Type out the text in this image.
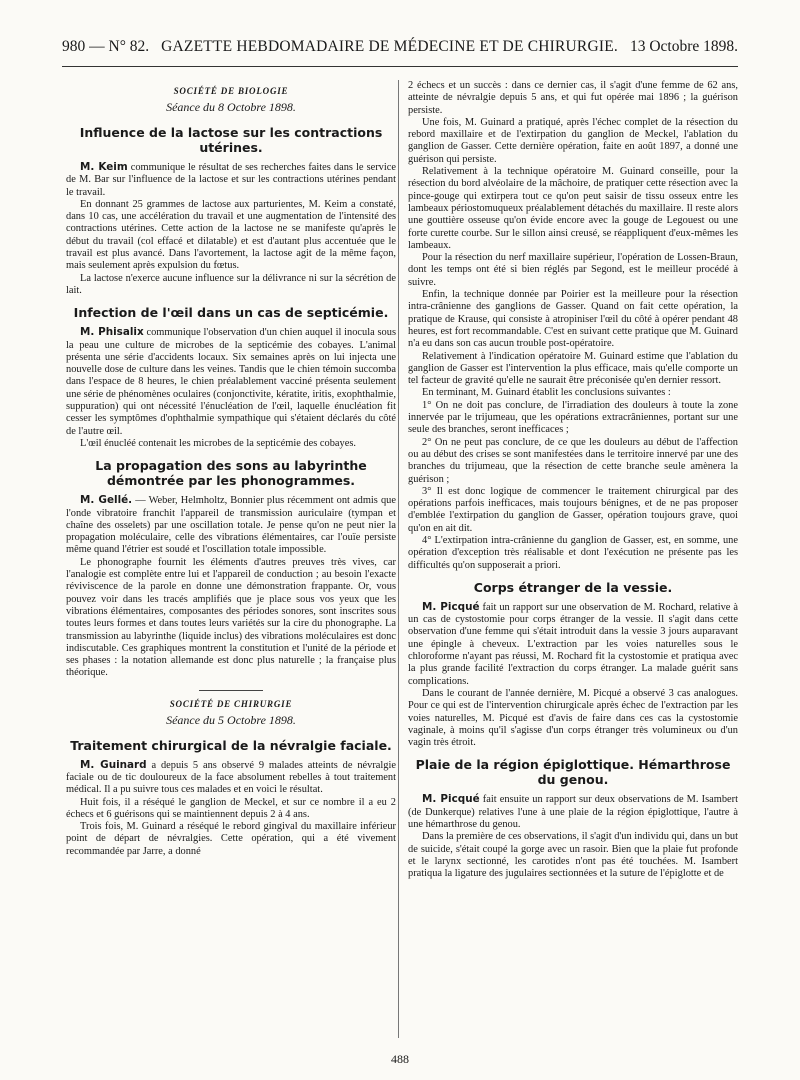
980 — N° 82. GAZETTE HEBDOMADAIRE DE MÉDECINE ET DE CHIRURGIE. 13 Octobre 1898.
SOCIÉTÉ DE BIOLOGIE
Séance du 8 Octobre 1898.
Influence de la lactose sur les contractions utérines.

M. Keim communique le résultat de ses recherches faites dans le service de M. Bar sur l'influence de la lactose et sur les contractions utérines pendant le travail.

En donnant 25 grammes de lactose aux parturientes, M. Keim a constaté, dans 10 cas, une accélération du travail et une augmentation de l'intensité des contractions utérines. Cette action de la lactose ne se manifeste qu'après le début du travail (col effacé et dilatable) et est d'autant plus accentuée que le travail est plus avancé. Dans l'avortement, la lactose agit de la même façon, mais seulement après expulsion du fœtus.

La lactose n'exerce aucune influence sur la délivrance ni sur la sécrétion de lait.

Infection de l'œil dans un cas de septicémie.

M. Phisalix communique l'observation d'un chien auquel il inocula sous la peau une culture de microbes de la septicémie des cobayes. L'animal présenta une série d'accidents locaux. Six semaines après on lui injecta une nouvelle dose de culture dans les veines. Tandis que le chien témoin succomba dans l'espace de 8 heures, le chien préalablement vacciné présenta seulement une série de phénomènes oculaires (conjonctivite, kératite, iritis, exophthalmie, suppuration) qui ont nécessité l'énucléation de l'œil, laquelle énucléation fit cesser les symptômes d'ophthalmie sympathique qui s'étaient déclarés du côté de l'autre œil.

L'œil énucléé contenait les microbes de la septicémie des cobayes.

La propagation des sons au labyrinthe démontrée par les phonogrammes.

M. Gellé. — Weber, Helmholtz, Bonnier plus récemment ont admis que l'onde vibratoire franchit l'appareil de transmission auriculaire (tympan et chaîne des osselets) par une oscillation totale. Je pense qu'on ne peut nier la propagation moléculaire, celle des vibrations élémentaires, car l'ouïe persiste même quand l'étrier est soudé et l'oscillation totale impossible.

Le phonographe fournit les éléments d'autres preuves très vives, car l'analogie est complète entre lui et l'appareil de conduction ; au besoin l'exacte réviviscence de la parole en donne une démonstration frappante. Or, vous pouvez voir dans les tracés amplifiés que je place sous vos yeux que les vibrations élémentaires, composantes des périodes sonores, sont inscrites sous toutes leurs formes et dans toutes leurs variétés sur la cire du phonographe. La transmission au labyrinthe (liquide inclus) des vibrations moléculaires est donc indiscutable. Ces graphiques montrent la constitution et l'unité de la période et ses phases : la notation allemande est donc plus naturelle ; la française plus théorique.

SOCIÉTÉ DE CHIRURGIE
Séance du 5 Octobre 1898.
Traitement chirurgical de la névralgie faciale.

M. Guinard a depuis 5 ans observé 9 malades atteints de névralgie faciale ou de tic douloureux de la face absolument rebelles à tout traitement médical. Il a pu suivre tous ces malades et en voici le résultat.

Huit fois, il a réséqué le ganglion de Meckel, et sur ce nombre il a eu 2 échecs et 6 guérisons qui se maintiennent depuis 2 à 4 ans.

Trois fois, M. Guinard a réséqué le rebord gingival du maxillaire inférieur point de départ de névralgies. Cette opération, qui a été vivement recommandée par Jarre, a donné

2 échecs et un succès : dans ce dernier cas, il s'agit d'une femme de 62 ans, atteinte de névralgie depuis 5 ans, et qui fut opérée mai 1896 ; la guérison persiste.

Une fois, M. Guinard a pratiqué, après l'échec complet de la résection du rebord maxillaire et de l'extirpation du ganglion de Meckel, l'ablation du ganglion de Gasser. Cette dernière opération, faite en août 1897, a donné une guérison qui persiste.

Relativement à la technique opératoire M. Guinard conseille, pour la résection du bord alvéolaire de la mâchoire, de pratiquer cette résection avec la pince-gouge qui extirpera tout ce qu'on peut saisir de tissu osseux entre les lambeaux périostomuqueux préalablement détachés du maxillaire. Il reste alors une gouttière osseuse qu'on évide encore avec la gouge de Legouest ou une forte curette courbe. Sur le sillon ainsi creusé, se réappliquent d'eux-mêmes les lambeaux.

Pour la résection du nerf maxillaire supérieur, l'opération de Lossen-Braun, dont les temps ont été si bien réglés par Segond, est le meilleur procédé à suivre.

Enfin, la technique donnée par Poirier est la meilleure pour la résection intra-crânienne des ganglions de Gasser. Quand on fait cette opération, la pratique de Krause, qui consiste à atropiniser l'œil du côté à opérer pendant 48 heures, est fort recommandable. C'est en suivant cette pratique que M. Guinard n'a eu dans son cas aucun trouble post-opératoire.

Relativement à l'indication opératoire M. Guinard estime que l'ablation du ganglion de Gasser est l'intervention la plus efficace, mais qu'elle comporte un tel facteur de gravité qu'elle ne saurait être préconisée qu'en dernier ressort.

En terminant, M. Guinard établit les conclusions suivantes :

1° On ne doit pas conclure, de l'irradiation des douleurs à toute la zone innervée par le trijumeau, que les opérations extracrâniennes, portant sur une seule des branches, seront inefficaces ;

2° On ne peut pas conclure, de ce que les douleurs au début de l'affection ou au début des crises se sont manifestées dans le territoire innervé par une des branches du trijumeau, que la résection de cette branche seule amènera la guérison ;

3° Il est donc logique de commencer le traitement chirurgical par des opérations parfois inefficaces, mais toujours bénignes, et de ne pas proposer d'emblée l'extirpation du ganglion de Gasser, opération toujours grave, quoi qu'on en ait dit.

4° L'extirpation intra-crânienne du ganglion de Gasser, est, en somme, une opération d'exception très réalisable et dont l'exécution ne présente pas les difficultés qu'on supposerait a priori.

Corps étranger de la vessie.

M. Picqué fait un rapport sur une observation de M. Rochard, relative à un cas de cystostomie pour corps étranger de la vessie. Il s'agit dans cette observation d'une femme qui s'était introduit dans la vessie 3 jours auparavant une épingle à cheveux. L'extraction par les voies naturelles sous le chloroforme n'ayant pas réussi, M. Rochard fit la cystostomie et pratiqua avec la plus grande facilité l'extraction du corps étranger. La malade guérit sans complications.

Dans le courant de l'année dernière, M. Picqué a observé 3 cas analogues. Pour ce qui est de l'intervention chirurgicale après échec de l'extraction par les voies naturelles, M. Picqué est d'avis de faire dans ces cas la cystostomie vaginale, à moins qu'il s'agisse d'un corps étranger très volumineux ou d'un vagin très étroit.

Plaie de la région épiglottique. Hémarthrose du genou.

M. Picqué fait ensuite un rapport sur deux observations de M. Isambert (de Dunkerque) relatives l'une à une plaie de la région épiglottique, l'autre à une hémarthrose du genou.

Dans la première de ces observations, il s'agit d'un individu qui, dans un but de suicide, s'était coupé la gorge avec un rasoir. Bien que la plaie fut profonde et le larynx sectionné, les carotides n'ont pas été touchées. M. Isambert pratiqua la ligature des jugulaires sectionnées et la suture de l'épiglotte et de

488
